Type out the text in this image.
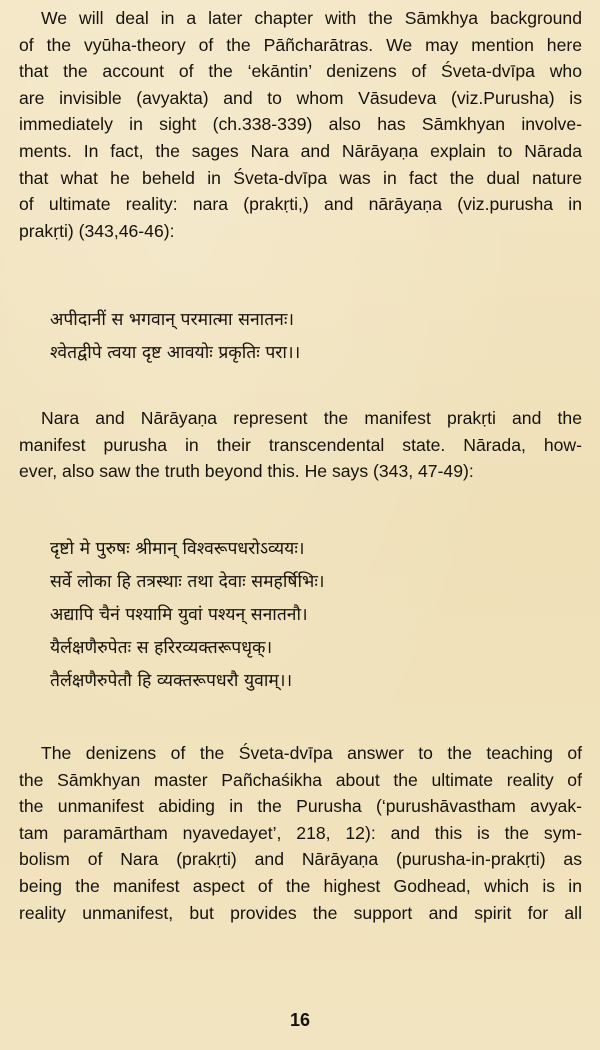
We will deal in a later chapter with the Sāmkhya background
of the vyūha-theory of the Pāñcharātras. We may mention here
that the account of the ‘ekāntin’ denizens of Śveta-dvīpa who
are invisible (avyakta) and to whom Vāsudeva (viz.Purusha) is
immediately in sight (ch.338-339) also has Sāmkhyan involve-
ments. In fact, the sages Nara and Nārāyaṇa explain to Nārada
that what he beheld in Śveta-dvīpa was in fact the dual nature
of ultimate reality: nara (prakṛti,) and nārāyaṇa (viz.purusha in
prakṛti) (343,46-46):

अपीदानीं स भगवान् परमात्मा सनातनः।
श्वेतद्वीपे त्वया दृष्ट आवयोः प्रकृतिः परा।।

Nara and Nārāyaṇa represent the manifest prakṛti and the
manifest purusha in their transcendental state. Nārada, how-
ever, also saw the truth beyond this. He says (343, 47-49):

दृष्टो मे पुरुषः श्रीमान् विश्वरूपधरोऽव्ययः।
सर्वे लोका हि तत्रस्थाः तथा देवाः समहर्षिभिः।
अद्यापि चैनं पश्यामि युवां पश्यन् सनातनौ।
यैर्लक्षणैरुपेतः स हरिरव्यक्तरूपधृक्।
तैर्लक्षणैरुपेतौ हि व्यक्तरूपधरौ युवाम्।।

The denizens of the Śveta-dvīpa answer to the teaching of
the Sāmkhyan master Pañchaśikha about the ultimate reality of
the unmanifest abiding in the Purusha (‘purushāvastham avyak-
tam paramārtham nyavedayet’, 218, 12): and this is the sym-
bolism of Nara (prakṛti) and Nārāyaṇa (purusha-in-prakṛti) as
being the manifest aspect of the highest Godhead, which is in
reality unmanifest, but provides the support and spirit for all

16
